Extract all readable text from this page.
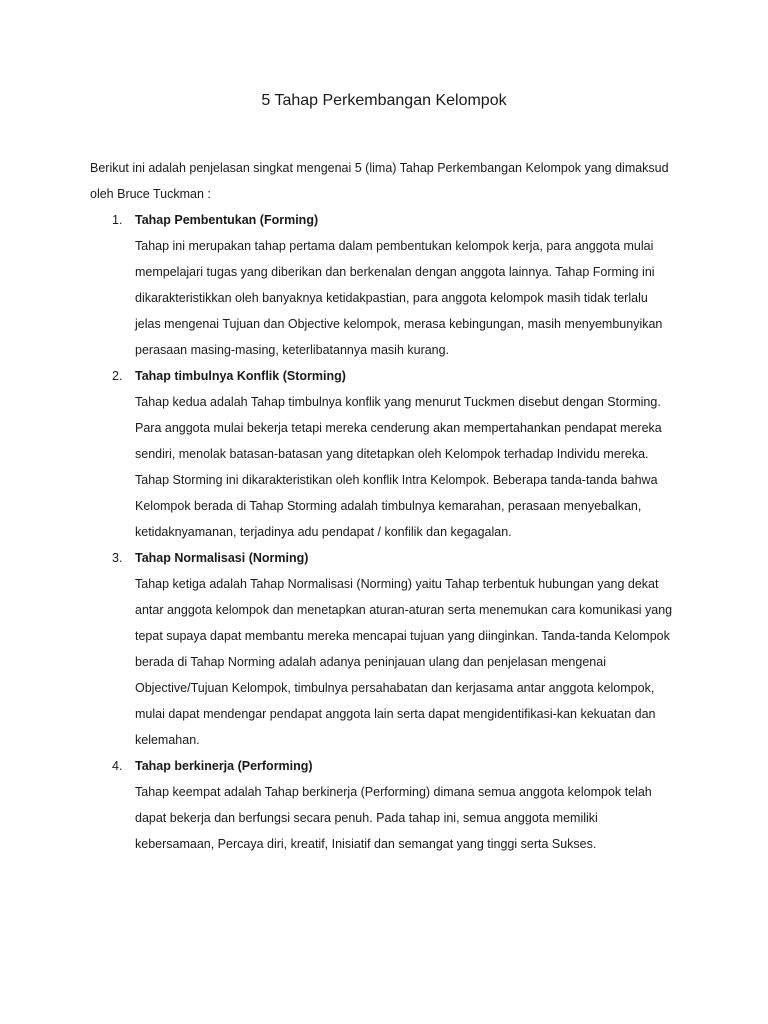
5 Tahap Perkembangan Kelompok
Berikut ini adalah penjelasan singkat mengenai 5 (lima) Tahap Perkembangan Kelompok yang dimaksud oleh Bruce Tuckman :
1. Tahap Pembentukan (Forming)
Tahap ini merupakan tahap pertama dalam pembentukan kelompok kerja, para anggota mulai mempelajari tugas yang diberikan dan berkenalan dengan anggota lainnya. Tahap Forming ini dikarakteristikkan oleh banyaknya ketidakpastian, para anggota kelompok masih tidak terlalu jelas mengenai Tujuan dan Objective kelompok, merasa kebingungan, masih menyembunyikan perasaan masing-masing, keterlibatannya masih kurang.
2. Tahap timbulnya Konflik (Storming)
Tahap kedua adalah Tahap timbulnya konflik yang menurut Tuckmen disebut dengan Storming. Para anggota mulai bekerja tetapi mereka cenderung akan mempertahankan pendapat mereka sendiri, menolak batasan-batasan yang ditetapkan oleh Kelompok terhadap Individu mereka. Tahap Storming ini dikarakteristikan oleh konflik Intra Kelompok. Beberapa tanda-tanda bahwa Kelompok berada di Tahap Storming adalah timbulnya kemarahan, perasaan menyebalkan, ketidaknyamanan, terjadinya adu pendapat / konfilik dan kegagalan.
3. Tahap Normalisasi (Norming)
Tahap ketiga adalah Tahap Normalisasi (Norming) yaitu Tahap terbentuk hubungan yang dekat antar anggota kelompok dan menetapkan aturan-aturan serta menemukan cara komunikasi yang tepat supaya dapat membantu mereka mencapai tujuan yang diinginkan. Tanda-tanda Kelompok berada di Tahap Norming adalah adanya peninjauan ulang dan penjelasan mengenai Objective/Tujuan Kelompok, timbulnya persahabatan dan kerjasama antar anggota kelompok, mulai dapat mendengar pendapat anggota lain serta dapat mengidentifikasi-kan kekuatan dan kelemahan.
4. Tahap berkinerja (Performing)
Tahap keempat adalah Tahap berkinerja (Performing) dimana semua anggota kelompok telah dapat bekerja dan berfungsi secara penuh. Pada tahap ini, semua anggota memiliki kebersamaan, Percaya diri, kreatif, Inisiatif dan semangat yang tinggi serta Sukses.
